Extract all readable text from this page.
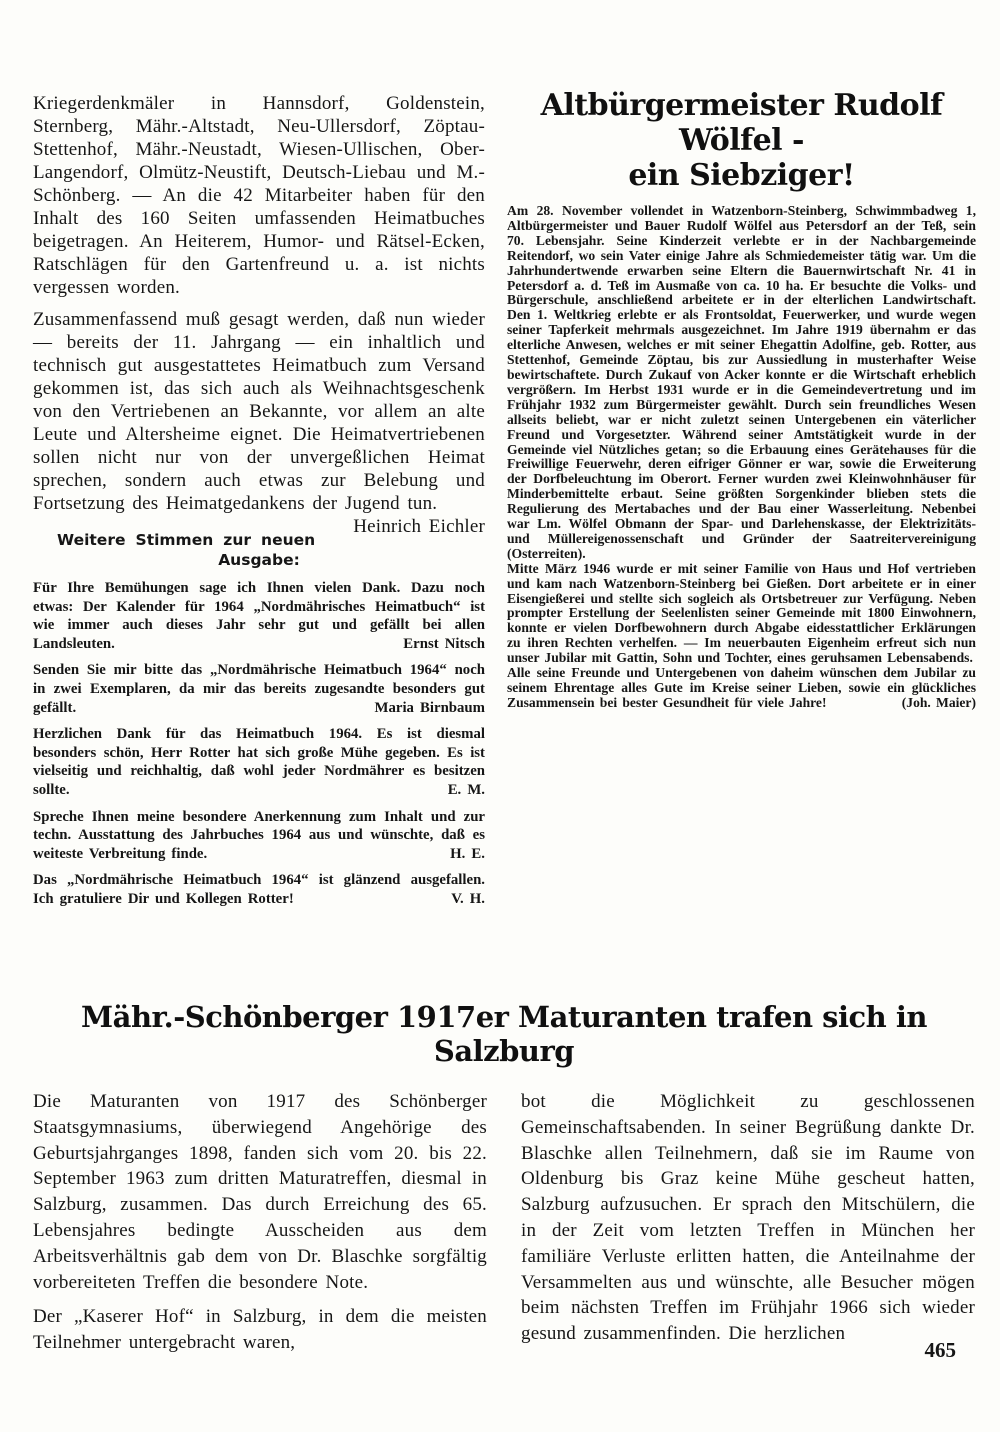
Kriegerdenkmäler in Hannsdorf, Goldenstein, Sternberg, Mähr.-Altstadt, Neu-Ullersdorf, Zöptau-Stettenhof, Mähr.-Neustadt, Wiesen-Ullischen, Ober-Langendorf, Olmütz-Neustift, Deutsch-Liebau und M.-Schönberg. — An die 42 Mitarbeiter haben für den Inhalt des 160 Seiten umfassenden Heimatbuches beigetragen. An Heiterem, Humor- und Rätsel-Ecken, Ratschlägen für den Gartenfreund u. a. ist nichts vergessen worden.

Zusammenfassend muß gesagt werden, daß nun wieder — bereits der 11. Jahrgang — ein inhaltlich und technisch gut ausgestattetes Heimatbuch zum Versand gekommen ist, das sich auch als Weihnachtsgeschenk von den Vertriebenen an Bekannte, vor allem an alte Leute und Altersheime eignet. Die Heimatvertriebenen sollen nicht nur von der unvergeßlichen Heimat sprechen, sondern auch etwas zur Belebung und Fortsetzung des Heimatgedankens der Jugend tun.
Heinrich Eichler

Weitere Stimmen zur neuen Ausgabe:

Für Ihre Bemühungen sage ich Ihnen vielen Dank. Dazu noch etwas: Der Kalender für 1964 „Nordmährisches Heimatbuch“ ist wie immer auch dieses Jahr sehr gut und gefällt bei allen Landsleuten.	Ernst Nitsch

Senden Sie mir bitte das „Nordmährische Heimatbuch 1964“ noch in zwei Exemplaren, da mir das bereits zugesandte besonders gut gefällt.	Maria Birnbaum

Herzlichen Dank für das Heimatbuch 1964. Es ist diesmal besonders schön, Herr Rotter hat sich große Mühe gegeben. Es ist vielseitig und reichhaltig, daß wohl jeder Nordmährer es besitzen sollte.	E. M.

Spreche Ihnen meine besondere Anerkennung zum Inhalt und zur techn. Ausstattung des Jahrbuches 1964 aus und wünschte, daß es weiteste Verbreitung finde.	H. E.

Das „Nordmährische Heimatbuch 1964“ ist glänzend ausgefallen. Ich gratuliere Dir und Kollegen Rotter!	V. H.

Altbürgermeister Rudolf Wölfel -
ein Siebziger!

Am 28. November vollendet in Watzenborn-Steinberg, Schwimmbadweg 1, Altbürgermeister und Bauer Rudolf Wölfel aus Petersdorf an der Teß, sein 70. Lebensjahr. Seine Kinderzeit verlebte er in der Nachbargemeinde Reitendorf, wo sein Vater einige Jahre als Schmiedemeister tätig war. Um die Jahrhundertwende erwarben seine Eltern die Bauernwirtschaft Nr. 41 in Petersdorf a. d. Teß im Ausmaße von ca. 10 ha. Er besuchte die Volks- und Bürgerschule, anschließend arbeitete er in der elterlichen Landwirtschaft. Den 1. Weltkrieg erlebte er als Frontsoldat, Feuerwerker, und wurde wegen seiner Tapferkeit mehrmals ausgezeichnet. Im Jahre 1919 übernahm er das elterliche Anwesen, welches er mit seiner Ehegattin Adolfine, geb. Rotter, aus Stettenhof, Gemeinde Zöptau, bis zur Aussiedlung in musterhafter Weise bewirtschaftete. Durch Zukauf von Acker konnte er die Wirtschaft erheblich vergrößern. Im Herbst 1931 wurde er in die Gemeindevertretung und im Frühjahr 1932 zum Bürgermeister gewählt. Durch sein freundliches Wesen allseits beliebt, war er nicht zuletzt seinen Untergebenen ein väterlicher Freund und Vorgesetzter. Während seiner Amtstätigkeit wurde in der Gemeinde viel Nützliches getan; so die Erbauung eines Gerätehauses für die Freiwillige Feuerwehr, deren eifriger Gönner er war, sowie die Erweiterung der Dorfbeleuchtung im Oberort. Ferner wurden zwei Kleinwohnhäuser für Minderbemittelte erbaut. Seine größten Sorgenkinder blieben stets die Regulierung des Mertabaches und der Bau einer Wasserleitung. Nebenbei war Lm. Wölfel Obmann der Spar- und Darlehenskasse, der Elektrizitäts- und Müllereigenossenschaft und Gründer der Saatreitervereinigung (Osterreiten).

Mitte März 1946 wurde er mit seiner Familie von Haus und Hof vertrieben und kam nach Watzenborn-Steinberg bei Gießen. Dort arbeitete er in einer Eisengießerei und stellte sich sogleich als Ortsbetreuer zur Verfügung. Neben prompter Erstellung der Seelenlisten seiner Gemeinde mit 1800 Einwohnern, konnte er vielen Dorfbewohnern durch Abgabe eidesstattlicher Erklärungen zu ihren Rechten verhelfen. — Im neuerbauten Eigenheim erfreut sich nun unser Jubilar mit Gattin, Sohn und Tochter, eines geruhsamen Lebensabends.

Alle seine Freunde und Untergebenen von daheim wünschen dem Jubilar zu seinem Ehrentage alles Gute im Kreise seiner Lieben, sowie ein glückliches Zusammensein bei bester Gesundheit für viele Jahre!	(Joh. Maier)

Mähr.-Schönberger 1917er Maturanten trafen sich in Salzburg

Die Maturanten von 1917 des Schönberger Staatsgymnasiums, überwiegend Angehörige des Geburtsjahrganges 1898, fanden sich vom 20. bis 22. September 1963 zum dritten Maturatreffen, diesmal in Salzburg, zusammen. Das durch Erreichung des 65. Lebensjahres bedingte Ausscheiden aus dem Arbeitsverhältnis gab dem von Dr. Blaschke sorgfältig vorbereiteten Treffen die besondere Note.

Der „Kaserer Hof“ in Salzburg, in dem die meisten Teilnehmer untergebracht waren,

bot die Möglichkeit zu geschlossenen Gemeinschaftsabenden. In seiner Begrüßung dankte Dr. Blaschke allen Teilnehmern, daß sie im Raume von Oldenburg bis Graz keine Mühe gescheut hatten, Salzburg aufzusuchen. Er sprach den Mitschülern, die in der Zeit vom letzten Treffen in München her familiäre Verluste erlitten hatten, die Anteilnahme der Versammelten aus und wünschte, alle Besucher mögen beim nächsten Treffen im Frühjahr 1966 sich wieder gesund zusammenfinden. Die herzlichen

465
